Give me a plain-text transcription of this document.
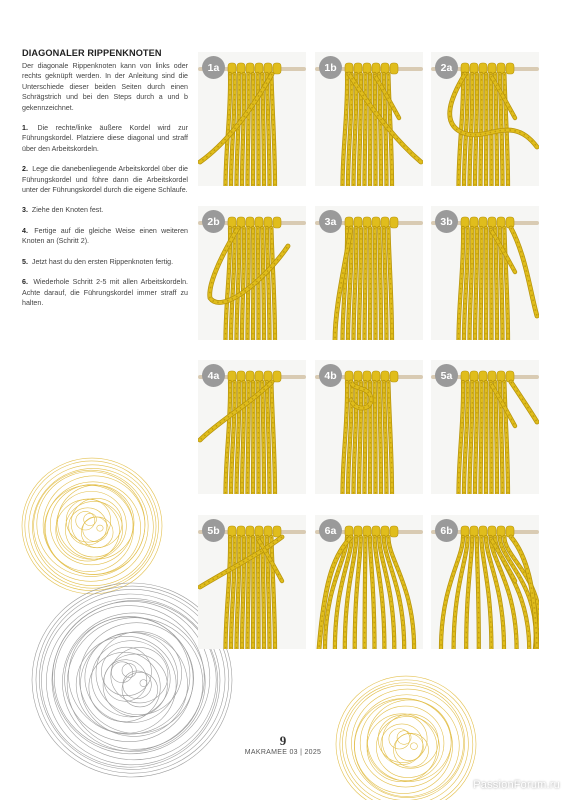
DIAGONALER RIPPENKNOTEN

Der diagonale Rippenknoten kann von links oder rechts geknüpft werden. In der Anleitung sind die Unterschiede dieser beiden Seiten durch einen Schrägstrich und bei den Steps durch a und b gekennzeichnet.

1. Die rechte/linke äußere Kordel wird zur Führungskordel. Platziere diese diagonal und straff über den Arbeitskordeln.

2. Lege die danebenliegende Arbeitskordel über die Führungskordel und führe dann die Arbeitskordel unter der Führungskordel durch die eigene Schlaufe.

3. Ziehe den Knoten fest.

4. Fertige auf die gleiche Weise einen weiteren Knoten an (Schritt 2).

5. Jetzt hast du den ersten Rippenknoten fertig.

6. Wiederhole Schritt 2-5 mit allen Arbeitskordeln. Achte darauf, die Führungskordel immer straff zu halten.

1a	1b	2a
2b	3a	3b
4a	4b	5a
5b	6a	6b
9
MAKRAMEE 03 | 2025
PassionForum.ru
